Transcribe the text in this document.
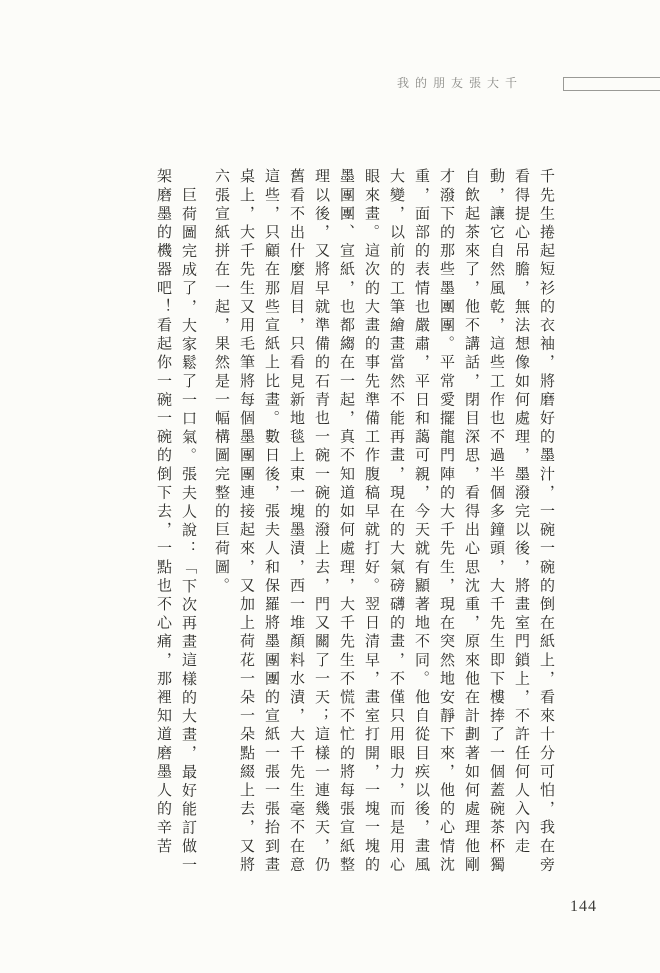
我的朋友張大千

千先生捲起短衫的衣袖，將磨好的墨汁，一碗一碗的倒在紙上，看來十分可怕，我在旁看得提心吊膽，無法想像如何處理，墨潑完以後，將畫室門鎖上，不許任何人入內走動，讓它自然風乾，這些工作也不過半個多鐘頭，大千先生即下樓捧了一個蓋碗茶杯獨自飲起茶來了，他不講話，閉目深思，看得出心思沈重，原來他在計劃著如何處理他剛才潑下的那些墨團團。平常愛擺龍門陣的大千先生，現在突然地安靜下來，他的心情沈重，面部的表情也嚴肅，平日和藹可親，今天就有顯著地不同。他自從目疾以後，畫風大變，以前的工筆繪畫當然不能再畫，現在的大氣磅礴的畫，不僅只用眼力，而是用心眼來畫。這次的大畫的事先準備工作腹稿早就打好。翌日清早，畫室打開，一塊一塊的墨團團、宣紙，也都縐在一起，真不知道如何處理，大千先生不慌不忙的將每張宣紙整理以後，又將早就準備的石青也一碗一碗的潑上去，門又關了一天；這樣一連幾天，仍舊看不出什麼眉目，只看見新地毯上東一塊墨漬，西一堆顏料水漬，大千先生毫不在意這些，只顧在那些宣紙上比畫。數日後，張夫人和保羅將墨團團的宣紙一張一張抬到畫桌上，大千先生又用毛筆將每個墨團團連接起來，又加上荷花一朵一朵點綴上去，又將六張宣紙拼在一起，果然是一幅構圖完整的巨荷圖。

巨荷圖完成了，大家鬆了一口氣。張夫人說：「下次再畫這樣的大畫，最好能訂做一架磨墨的機器吧！看起你一碗一碗的倒下去，一點也不心痛，那裡知道磨墨人的辛苦

144
